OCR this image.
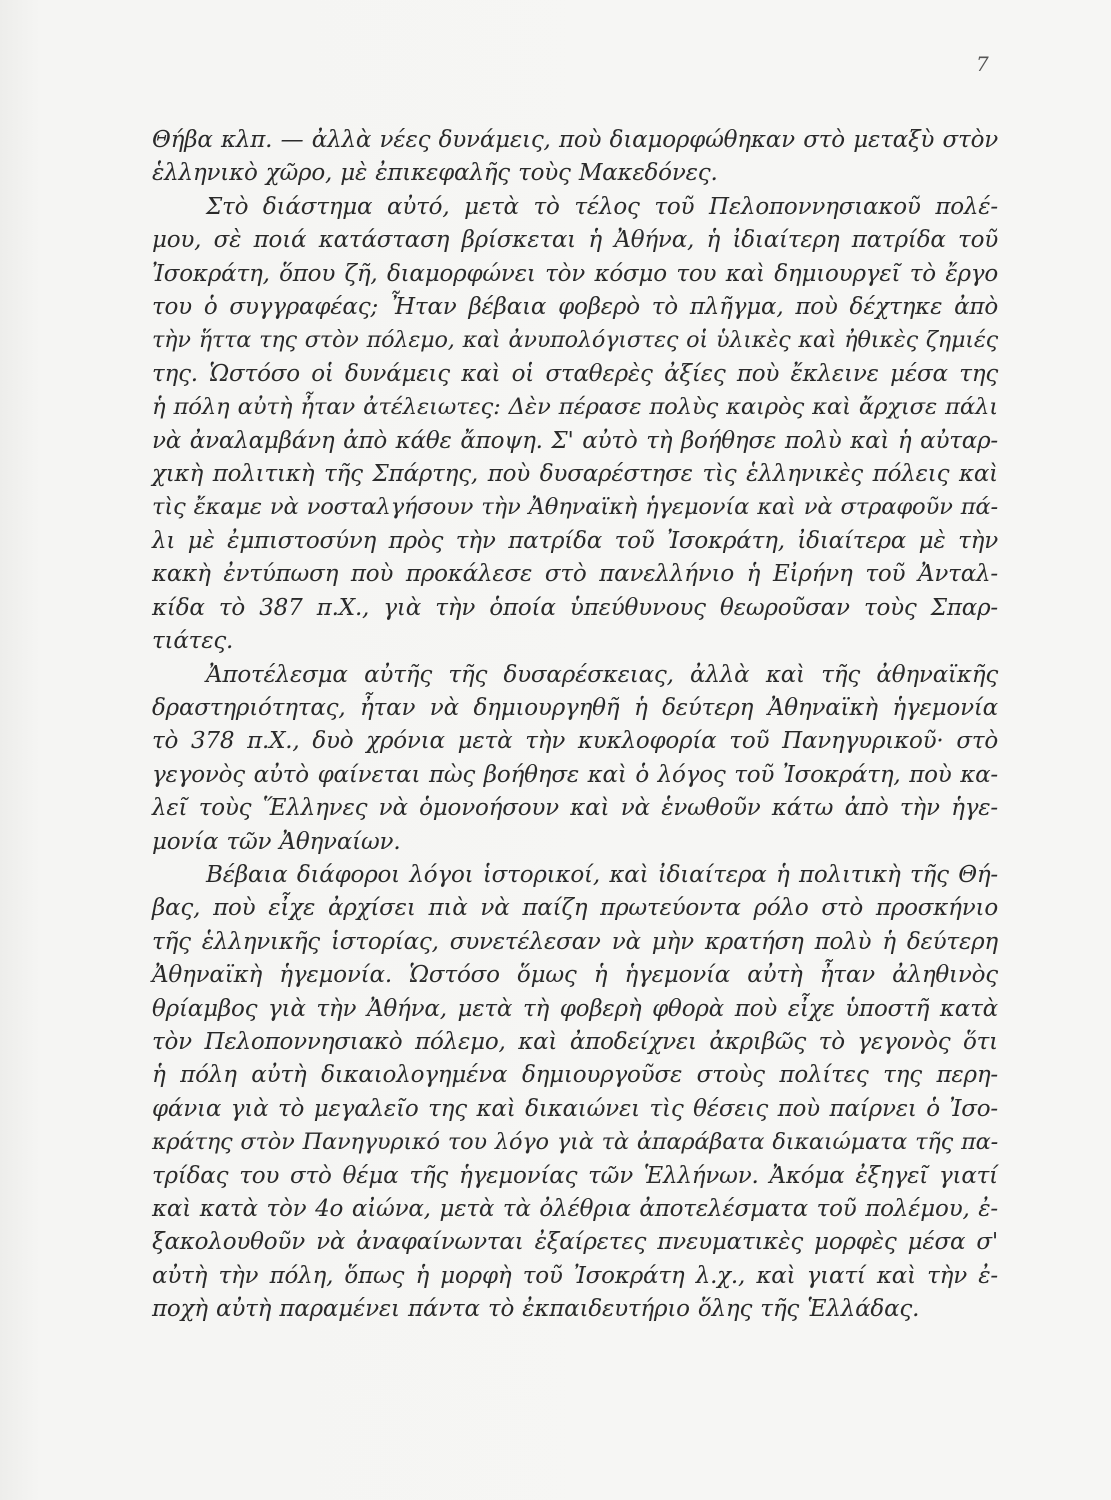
7

Θήβα κλπ. — ἀλλὰ νέες δυνάμεις, ποὺ διαμορφώθηκαν στὸ μεταξὺ στὸν
ἑλληνικὸ χῶρο, μὲ ἐπικεφαλῆς τοὺς Μακεδόνες.

Στὸ διάστημα αὐτό, μετὰ τὸ τέλος τοῦ Πελοποννησιακοῦ πολέ-
μου, σὲ ποιά κατάσταση βρίσκεται ἡ Ἀθήνα, ἡ ἰδιαίτερη πατρίδα τοῦ
Ἰσοκράτη, ὅπου ζῆ, διαμορφώνει τὸν κόσμο του καὶ δημιουργεῖ τὸ ἔργο
του ὁ συγγραφέας; Ἦταν βέβαια φοβερὸ τὸ πλῆγμα, ποὺ δέχτηκε ἀπὸ
τὴν ἥττα της στὸν πόλεμο, καὶ ἀνυπολόγιστες οἱ ὑλικὲς καὶ ἠθικὲς ζημιές
της. Ὡστόσο οἱ δυνάμεις καὶ οἱ σταθερὲς ἀξίες ποὺ ἔκλεινε μέσα της
ἡ πόλη αὐτὴ ἦταν ἀτέλειωτες: Δὲν πέρασε πολὺς καιρὸς καὶ ἄρχισε πάλι
νὰ ἀναλαμβάνη ἀπὸ κάθε ἄποψη. Σ' αὐτὸ τὴ βοήθησε πολὺ καὶ ἡ αὐταρ-
χικὴ πολιτικὴ τῆς Σπάρτης, ποὺ δυσαρέστησε τὶς ἑλληνικὲς πόλεις καὶ
τὶς ἔκαμε νὰ νοσταλγήσουν τὴν Ἀθηναϊκὴ ἡγεμονία καὶ νὰ στραφοῦν πά-
λι μὲ ἐμπιστοσύνη πρὸς τὴν πατρίδα τοῦ Ἰσοκράτη, ἰδιαίτερα μὲ τὴν
κακὴ ἐντύπωση ποὺ προκάλεσε στὸ πανελλήνιο ἡ Εἰρήνη τοῦ Ἀνταλ-
κίδα τὸ 387 π.Χ., γιὰ τὴν ὁποία ὑπεύθυνους θεωροῦσαν τοὺς Σπαρ-
τιάτες.

Ἀποτέλεσμα αὐτῆς τῆς δυσαρέσκειας, ἀλλὰ καὶ τῆς ἀθηναϊκῆς
δραστηριότητας, ἦταν νὰ δημιουργηθῆ ἡ δεύτερη Ἀθηναϊκὴ ἡγεμονία
τὸ 378 π.Χ., δυὸ χρόνια μετὰ τὴν κυκλοφορία τοῦ Πανηγυρικοῦ· στὸ
γεγονὸς αὐτὸ φαίνεται πὼς βοήθησε καὶ ὁ λόγος τοῦ Ἰσοκράτη, ποὺ κα-
λεῖ τοὺς Ἕλληνες νὰ ὁμονοήσουν καὶ νὰ ἑνωθοῦν κάτω ἀπὸ τὴν ἡγε-
μονία τῶν Ἀθηναίων.

Βέβαια διάφοροι λόγοι ἱστορικοί, καὶ ἰδιαίτερα ἡ πολιτικὴ τῆς Θή-
βας, ποὺ εἶχε ἀρχίσει πιὰ νὰ παίζη πρωτεύοντα ρόλο στὸ προσκήνιο
τῆς ἑλληνικῆς ἱστορίας, συνετέλεσαν νὰ μὴν κρατήση πολὺ ἡ δεύτερη
Ἀθηναϊκὴ ἡγεμονία. Ὡστόσο ὅμως ἡ ἡγεμονία αὐτὴ ἦταν ἀληθινὸς
θρίαμβος γιὰ τὴν Ἀθήνα, μετὰ τὴ φοβερὴ φθορὰ ποὺ εἶχε ὑποστῆ κατὰ
τὸν Πελοποννησιακὸ πόλεμο, καὶ ἀποδείχνει ἀκριβῶς τὸ γεγονὸς ὅτι
ἡ πόλη αὐτὴ δικαιολογημένα δημιουργοῦσε στοὺς πολίτες της περη-
φάνια γιὰ τὸ μεγαλεῖο της καὶ δικαιώνει τὶς θέσεις ποὺ παίρνει ὁ Ἰσο-
κράτης στὸν Πανηγυρικό του λόγο γιὰ τὰ ἀπαράβατα δικαιώματα τῆς πα-
τρίδας του στὸ θέμα τῆς ἡγεμονίας τῶν Ἑλλήνων. Ἀκόμα ἐξηγεῖ γιατί
καὶ κατὰ τὸν 4ο αἰώνα, μετὰ τὰ ὀλέθρια ἀποτελέσματα τοῦ πολέμου, ἐ-
ξακολουθοῦν νὰ ἀναφαίνωνται ἐξαίρετες πνευματικὲς μορφὲς μέσα σ'
αὐτὴ τὴν πόλη, ὅπως ἡ μορφὴ τοῦ Ἰσοκράτη λ.χ., καὶ γιατί καὶ τὴν ἐ-
ποχὴ αὐτὴ παραμένει πάντα τὸ ἐκπαιδευτήριο ὅλης τῆς Ἑλλάδας.
